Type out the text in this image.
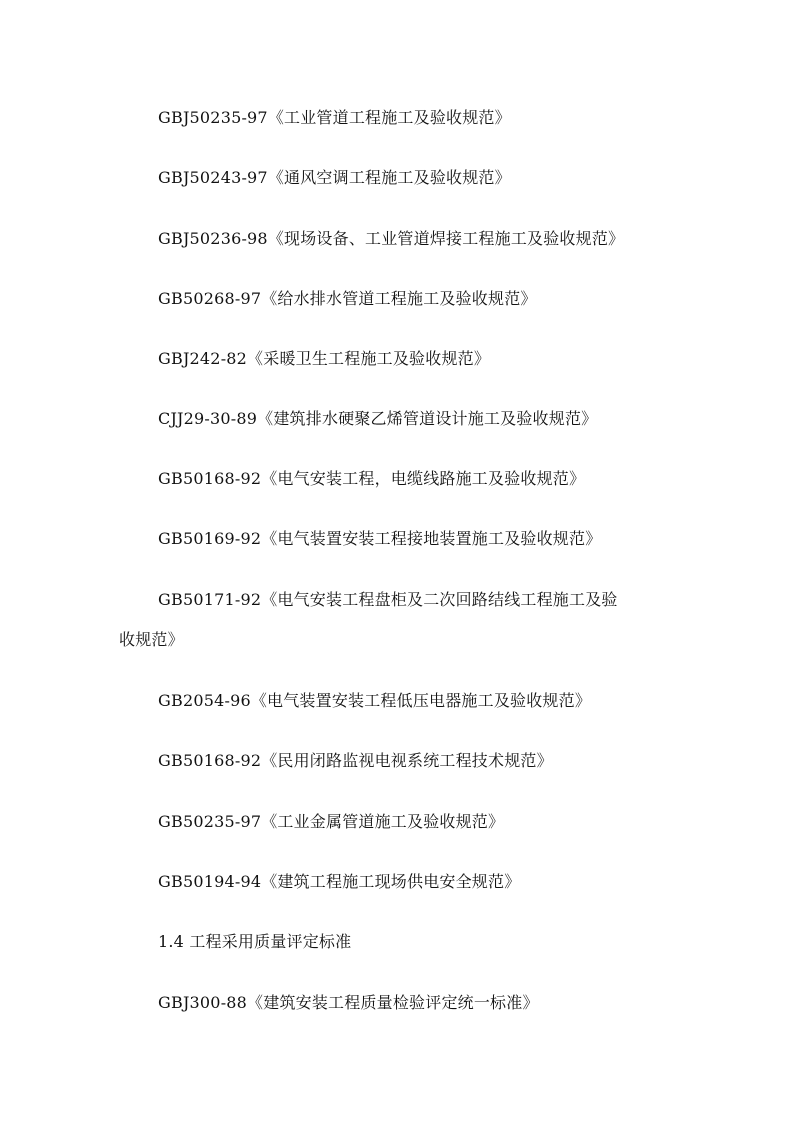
GBJ50235-97《工业管道工程施工及验收规范》
GBJ50243-97《通风空调工程施工及验收规范》
GBJ50236-98《现场设备、工业管道焊接工程施工及验收规范》
GB50268-97《给水排水管道工程施工及验收规范》
GBJ242-82《采暖卫生工程施工及验收规范》
CJJ29-30-89《建筑排水硬聚乙烯管道设计施工及验收规范》
GB50168-92《电气安装工程，电缆线路施工及验收规范》
GB50169-92《电气装置安装工程接地装置施工及验收规范》
GB50171-92《电气安装工程盘柜及二次回路结线工程施工及验
收规范》
GB2054-96《电气装置安装工程低压电器施工及验收规范》
GB50168-92《民用闭路监视电视系统工程技术规范》
GB50235-97《工业金属管道施工及验收规范》
GB50194-94《建筑工程施工现场供电安全规范》
1.4 工程采用质量评定标准
GBJ300-88《建筑安装工程质量检验评定统一标准》
